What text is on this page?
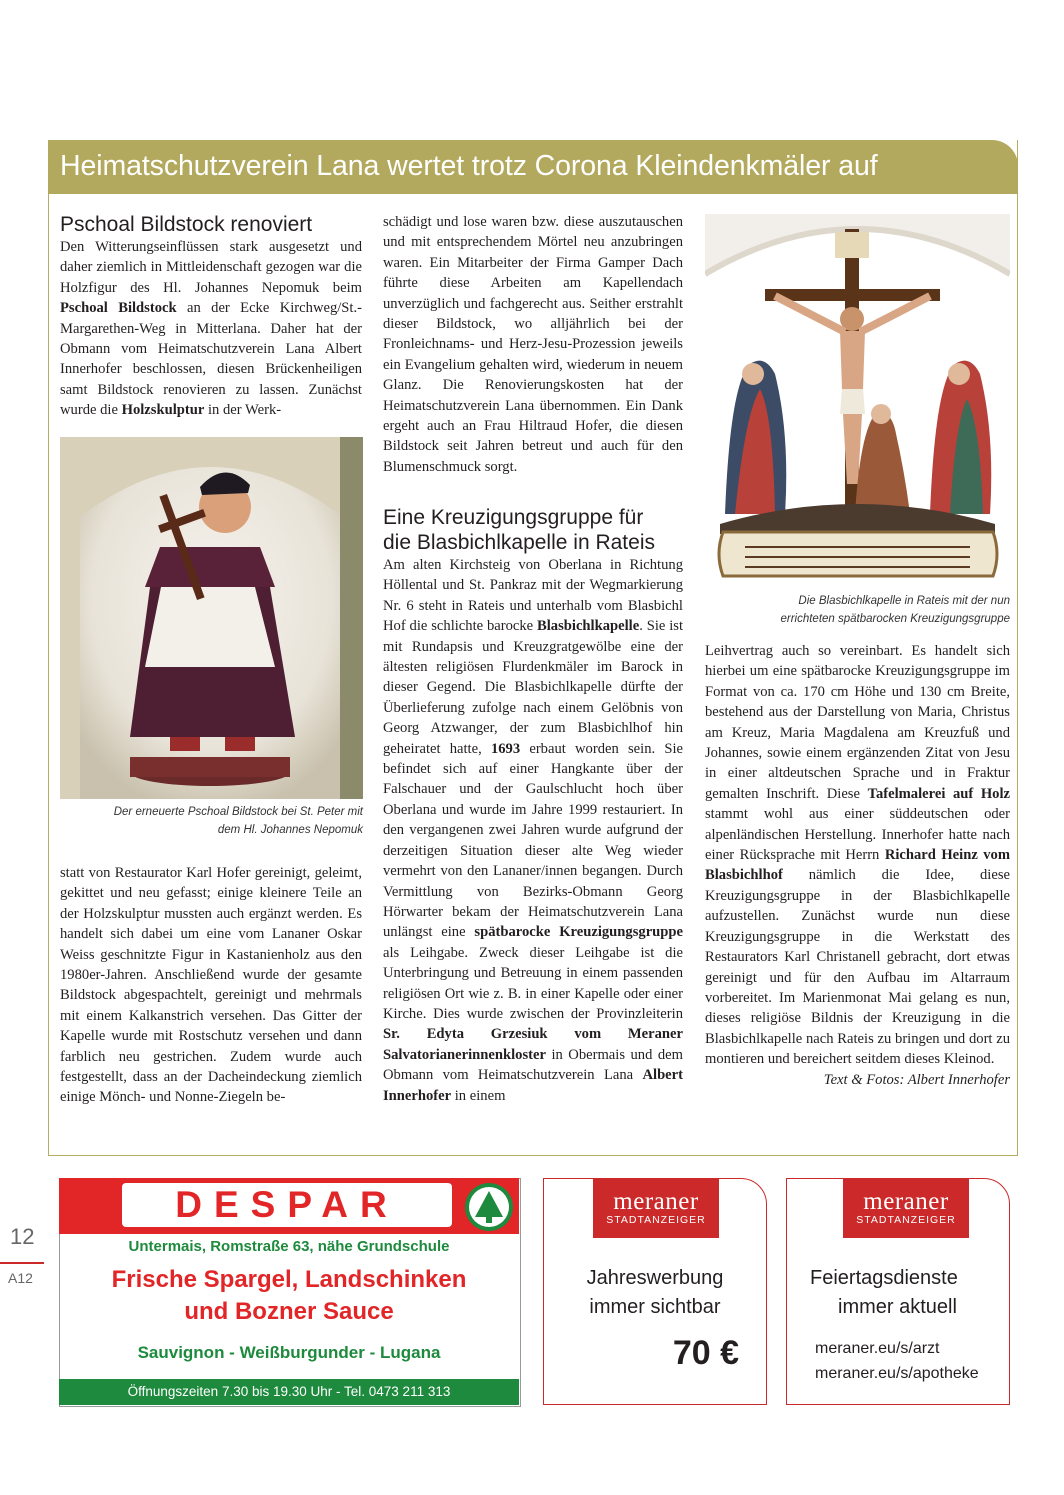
Heimatschutzverein Lana wertet trotz Corona Kleindenkmäler auf
Pschoal Bildstock renoviert

Den Witterungseinflüssen stark ausgesetzt und daher ziemlich in Mittleidenschaft gezogen war die Holzfigur des Hl. Johannes Nepomuk beim Pschoal Bildstock an der Ecke Kirchweg/St.-Margarethen-Weg in Mitterlana. Daher hat der Obmann vom Heimatschutzverein Lana Albert Innerhofer beschlossen, diesen Brückenheiligen samt Bildstock renovieren zu lassen. Zunächst wurde die Holzskulptur in der Werk-

Der erneuerte Pschoal Bildstock bei St. Peter mit
dem Hl. Johannes Nepomuk

statt von Restaurator Karl Hofer gereinigt, geleimt, gekittet und neu gefasst; einige kleinere Teile an der Holzskulptur mussten auch ergänzt werden. Es handelt sich dabei um eine vom Lananer Oskar Weiss geschnitzte Figur in Kastanienholz aus den 1980er-Jahren. Anschließend wurde der gesamte Bildstock abgespachtelt, gereinigt und mehrmals mit einem Kalkanstrich versehen. Das Gitter der Kapelle wurde mit Rostschutz versehen und dann farblich neu gestrichen. Zudem wurde auch festgestellt, dass an der Dacheindeckung ziemlich einige Mönch- und Nonne-Ziegeln be-

schädigt und lose waren bzw. diese auszutauschen und mit entsprechendem Mörtel neu anzubringen waren. Ein Mitarbeiter der Firma Gamper Dach führte diese Arbeiten am Kapellendach unverzüglich und fachgerecht aus. Seither erstrahlt dieser Bildstock, wo alljährlich bei der Fronleichnams- und Herz-Jesu-Prozession jeweils ein Evangelium gehalten wird, wiederum in neuem Glanz. Die Renovierungskosten hat der Heimatschutzverein Lana übernommen. Ein Dank ergeht auch an Frau Hiltraud Hofer, die diesen Bildstock seit Jahren betreut und auch für den Blumenschmuck sorgt.

Eine Kreuzigungsgruppe für
die Blasbichlkapelle in Rateis

Am alten Kirchsteig von Oberlana in Richtung Höllental und St. Pankraz mit der Wegmarkierung Nr. 6 steht in Rateis und unterhalb vom Blasbichl Hof die schlichte barocke Blasbichlkapelle. Sie ist mit Rundapsis und Kreuzgratgewölbe eine der ältesten religiösen Flurdenkmäler im Barock in dieser Gegend. Die Blasbichlkapelle dürfte der Überlieferung zufolge nach einem Gelöbnis von Georg Atzwanger, der zum Blasbichlhof hin geheiratet hatte, 1693 erbaut worden sein. Sie befindet sich auf einer Hangkante über der Falschauer und der Gaulschlucht hoch über Oberlana und wurde im Jahre 1999 restauriert. In den vergangenen zwei Jahren wurde aufgrund der derzeitigen Situation dieser alte Weg wieder vermehrt von den Lananer/innen begangen. Durch Vermittlung von Bezirks-Obmann Georg Hörwarter bekam der Heimatschutzverein Lana unlängst eine spätbarocke Kreuzigungsgruppe als Leihgabe. Zweck dieser Leihgabe ist die Unterbringung und Betreuung in einem passenden religiösen Ort wie z. B. in einer Kapelle oder einer Kirche. Dies wurde zwischen der Provinzleiterin Sr. Edyta Grzesiuk vom Meraner Salvatorianerinnenkloster in Obermais und dem Obmann vom Heimatschutzverein Lana Albert Innerhofer in einem

Die Blasbichlkapelle in Rateis mit der nun
errichteten spätbarocken Kreuzigungsgruppe

Leihvertrag auch so vereinbart. Es handelt sich hierbei um eine spätbarocke Kreuzigungsgruppe im Format von ca. 170 cm Höhe und 130 cm Breite, bestehend aus der Darstellung von Maria, Christus am Kreuz, Maria Magdalena am Kreuzfuß und Johannes, sowie einem ergänzenden Zitat von Jesu in einer altdeutschen Sprache und in Fraktur gemalten Inschrift. Diese Tafelmalerei auf Holz stammt wohl aus einer süddeutschen oder alpenländischen Herstellung. Innerhofer hatte nach einer Rücksprache mit Herrn Richard Heinz vom Blasbichlhof nämlich die Idee, diese Kreuzigungsgruppe in der Blasbichlkapelle aufzustellen. Zunächst wurde nun diese Kreuzigungsgruppe in die Werkstatt des Restaurators Karl Christanell gebracht, dort etwas gereinigt und für den Aufbau im Altarraum vorbereitet. Im Marienmonat Mai gelang es nun, dieses religiöse Bildnis der Kreuzigung in die Blasbichlkapelle nach Rateis zu bringen und dort zu montieren und bereichert seitdem dieses Kleinod.

Text & Fotos: Albert Innerhofer

12
A12
DESPAR
Untermais, Romstraße 63, nähe Grundschule
Frische Spargel, Landschinken
und Bozner Sauce
Sauvignon - Weißburgunder - Lugana
Öffnungszeiten 7.30 bis 19.30 Uhr - Tel. 0473 211 313
meraner
STADTANZEIGER
Jahreswerbung
immer sichtbar
70 €
meraner
STADTANZEIGER
Feiertagsdienste
immer aktuell
meraner.eu/s/arzt
meraner.eu/s/apotheke
